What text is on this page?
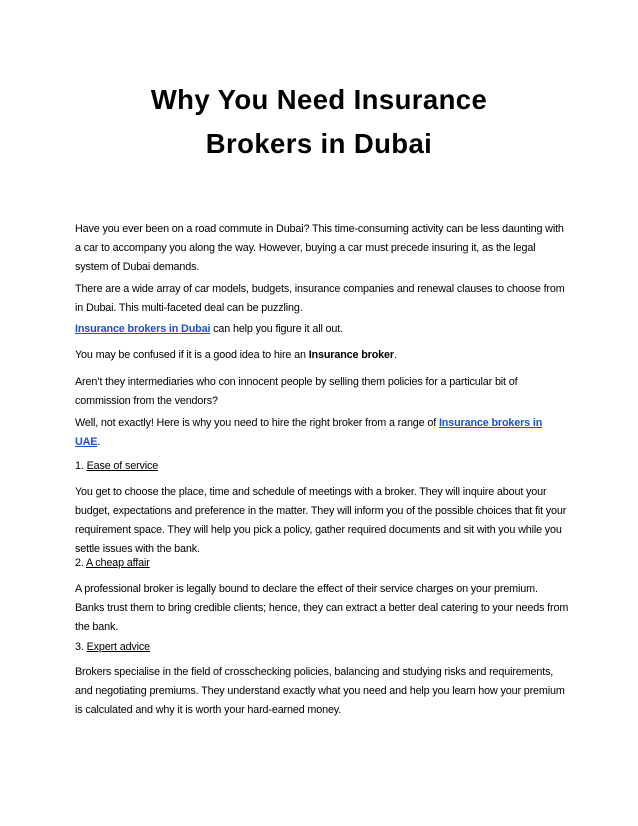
Why You Need Insurance
Brokers in Dubai

Have you ever been on a road commute in Dubai? This time-consuming activity can be less daunting with a car to accompany you along the way. However, buying a car must precede insuring it, as the legal system of Dubai demands.

There are a wide array of car models, budgets, insurance companies and renewal clauses to choose from in Dubai. This multi-faceted deal can be puzzling.

Insurance brokers in Dubai can help you figure it all out.

You may be confused if it is a good idea to hire an Insurance broker.

Aren’t they intermediaries who con innocent people by selling them policies for a particular bit of commission from the vendors?

Well, not exactly! Here is why you need to hire the right broker from a range of Insurance brokers in UAE.

1. Ease of service

You get to choose the place, time and schedule of meetings with a broker. They will inquire about your budget, expectations and preference in the matter. They will inform you of the possible choices that fit your requirement space. They will help you pick a policy, gather required documents and sit with you while you settle issues with the bank.

2. A cheap affair

A professional broker is legally bound to declare the effect of their service charges on your premium. Banks trust them to bring credible clients; hence, they can extract a better deal catering to your needs from the bank.

3. Expert advice

Brokers specialise in the field of crosschecking policies, balancing and studying risks and requirements, and negotiating premiums. They understand exactly what you need and help you learn how your premium is calculated and why it is worth your hard-earned money.
